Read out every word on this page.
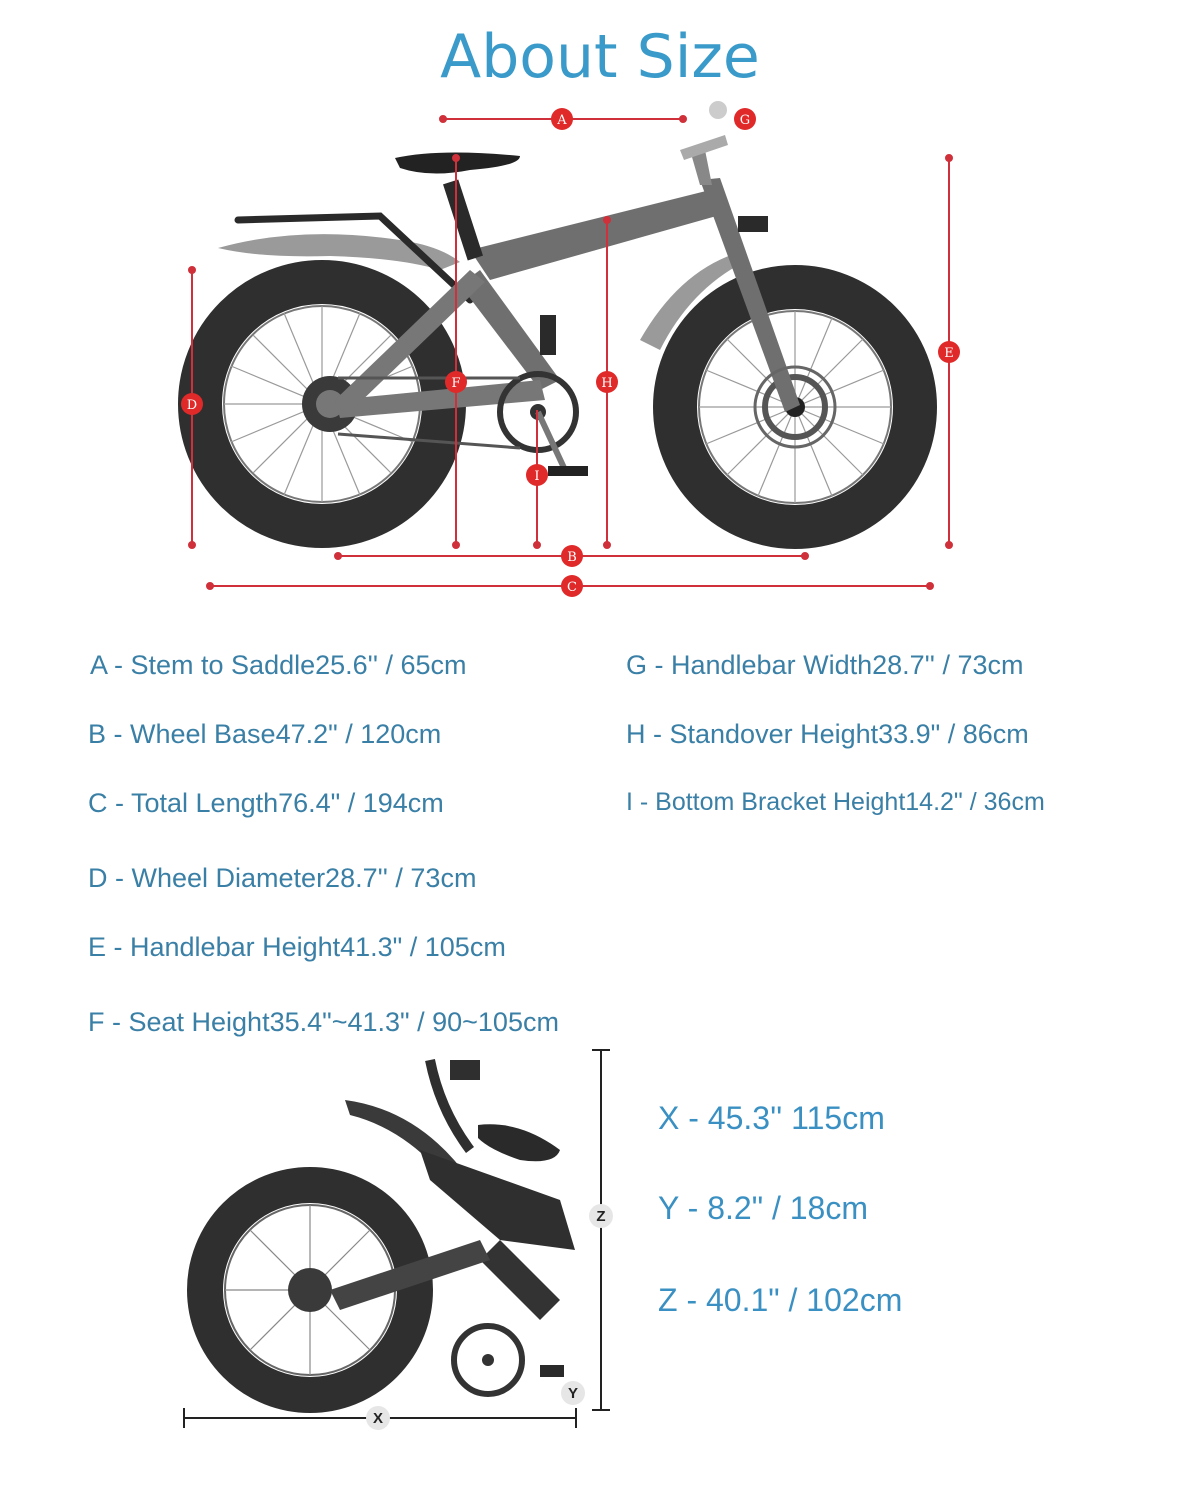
About Size
A	G
D
F	H
E
I
B
C
X
Y
Z
A - Stem to Saddle25.6'' / 65cm
B - Wheel Base47.2" / 120cm
C - Total Length76.4" / 194cm
D - Wheel Diameter28.7'' / 73cm
E - Handlebar Height41.3" / 105cm
F - Seat Height35.4"~41.3" / 90~105cm
G - Handlebar Width28.7'' / 73cm
H - Standover Height33.9" / 86cm
I - Bottom Bracket Height14.2" / 36cm
X - 45.3'' 115cm
Y - 8.2" / 18cm
Z - 40.1" / 102cm
